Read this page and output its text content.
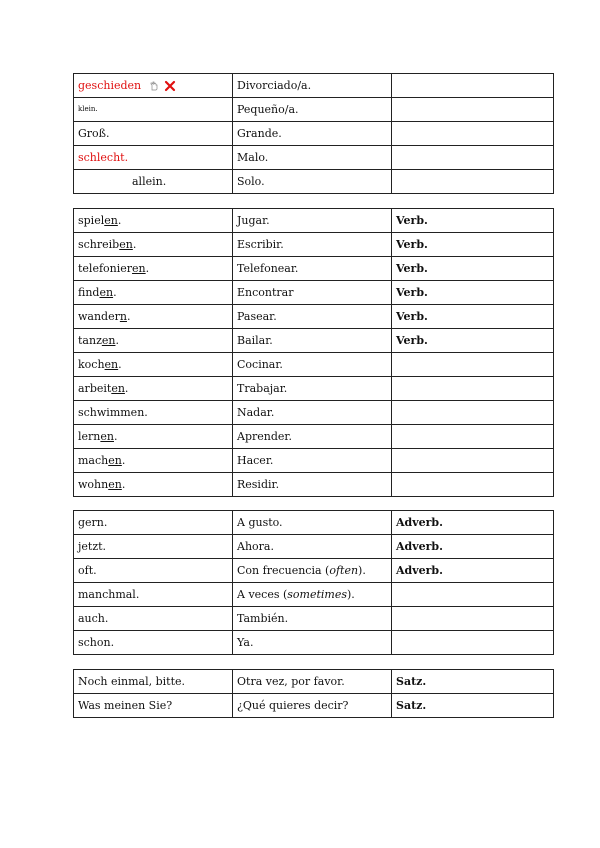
geschieden	Divorciado/a.	
klein.	Pequeño/a.	
Groß.	Grande.	
schlecht.	Malo.	
allein.	Solo.	
spielen.	Jugar.	Verb.
schreiben.	Escribir.	Verb.
telefonieren.	Telefonear.	Verb.
finden.	Encontrar	Verb.
wandern.	Pasear.	Verb.
tanzen.	Bailar.	Verb.
kochen.	Cocinar.	
arbeiten.	Trabajar.	
schwimmen.	Nadar.	
lernen.	Aprender.	
machen.	Hacer.	
wohnen.	Residir.	
gern.	A gusto.	Adverb.
jetzt.	Ahora.	Adverb.
oft.	Con frecuencia (often).	Adverb.
manchmal.	A veces (sometimes).	
auch.	También.	
schon.	Ya.	
Noch einmal, bitte.	Otra vez, por favor.	Satz.
Was meinen Sie?	¿Qué quieres decir?	Satz.
